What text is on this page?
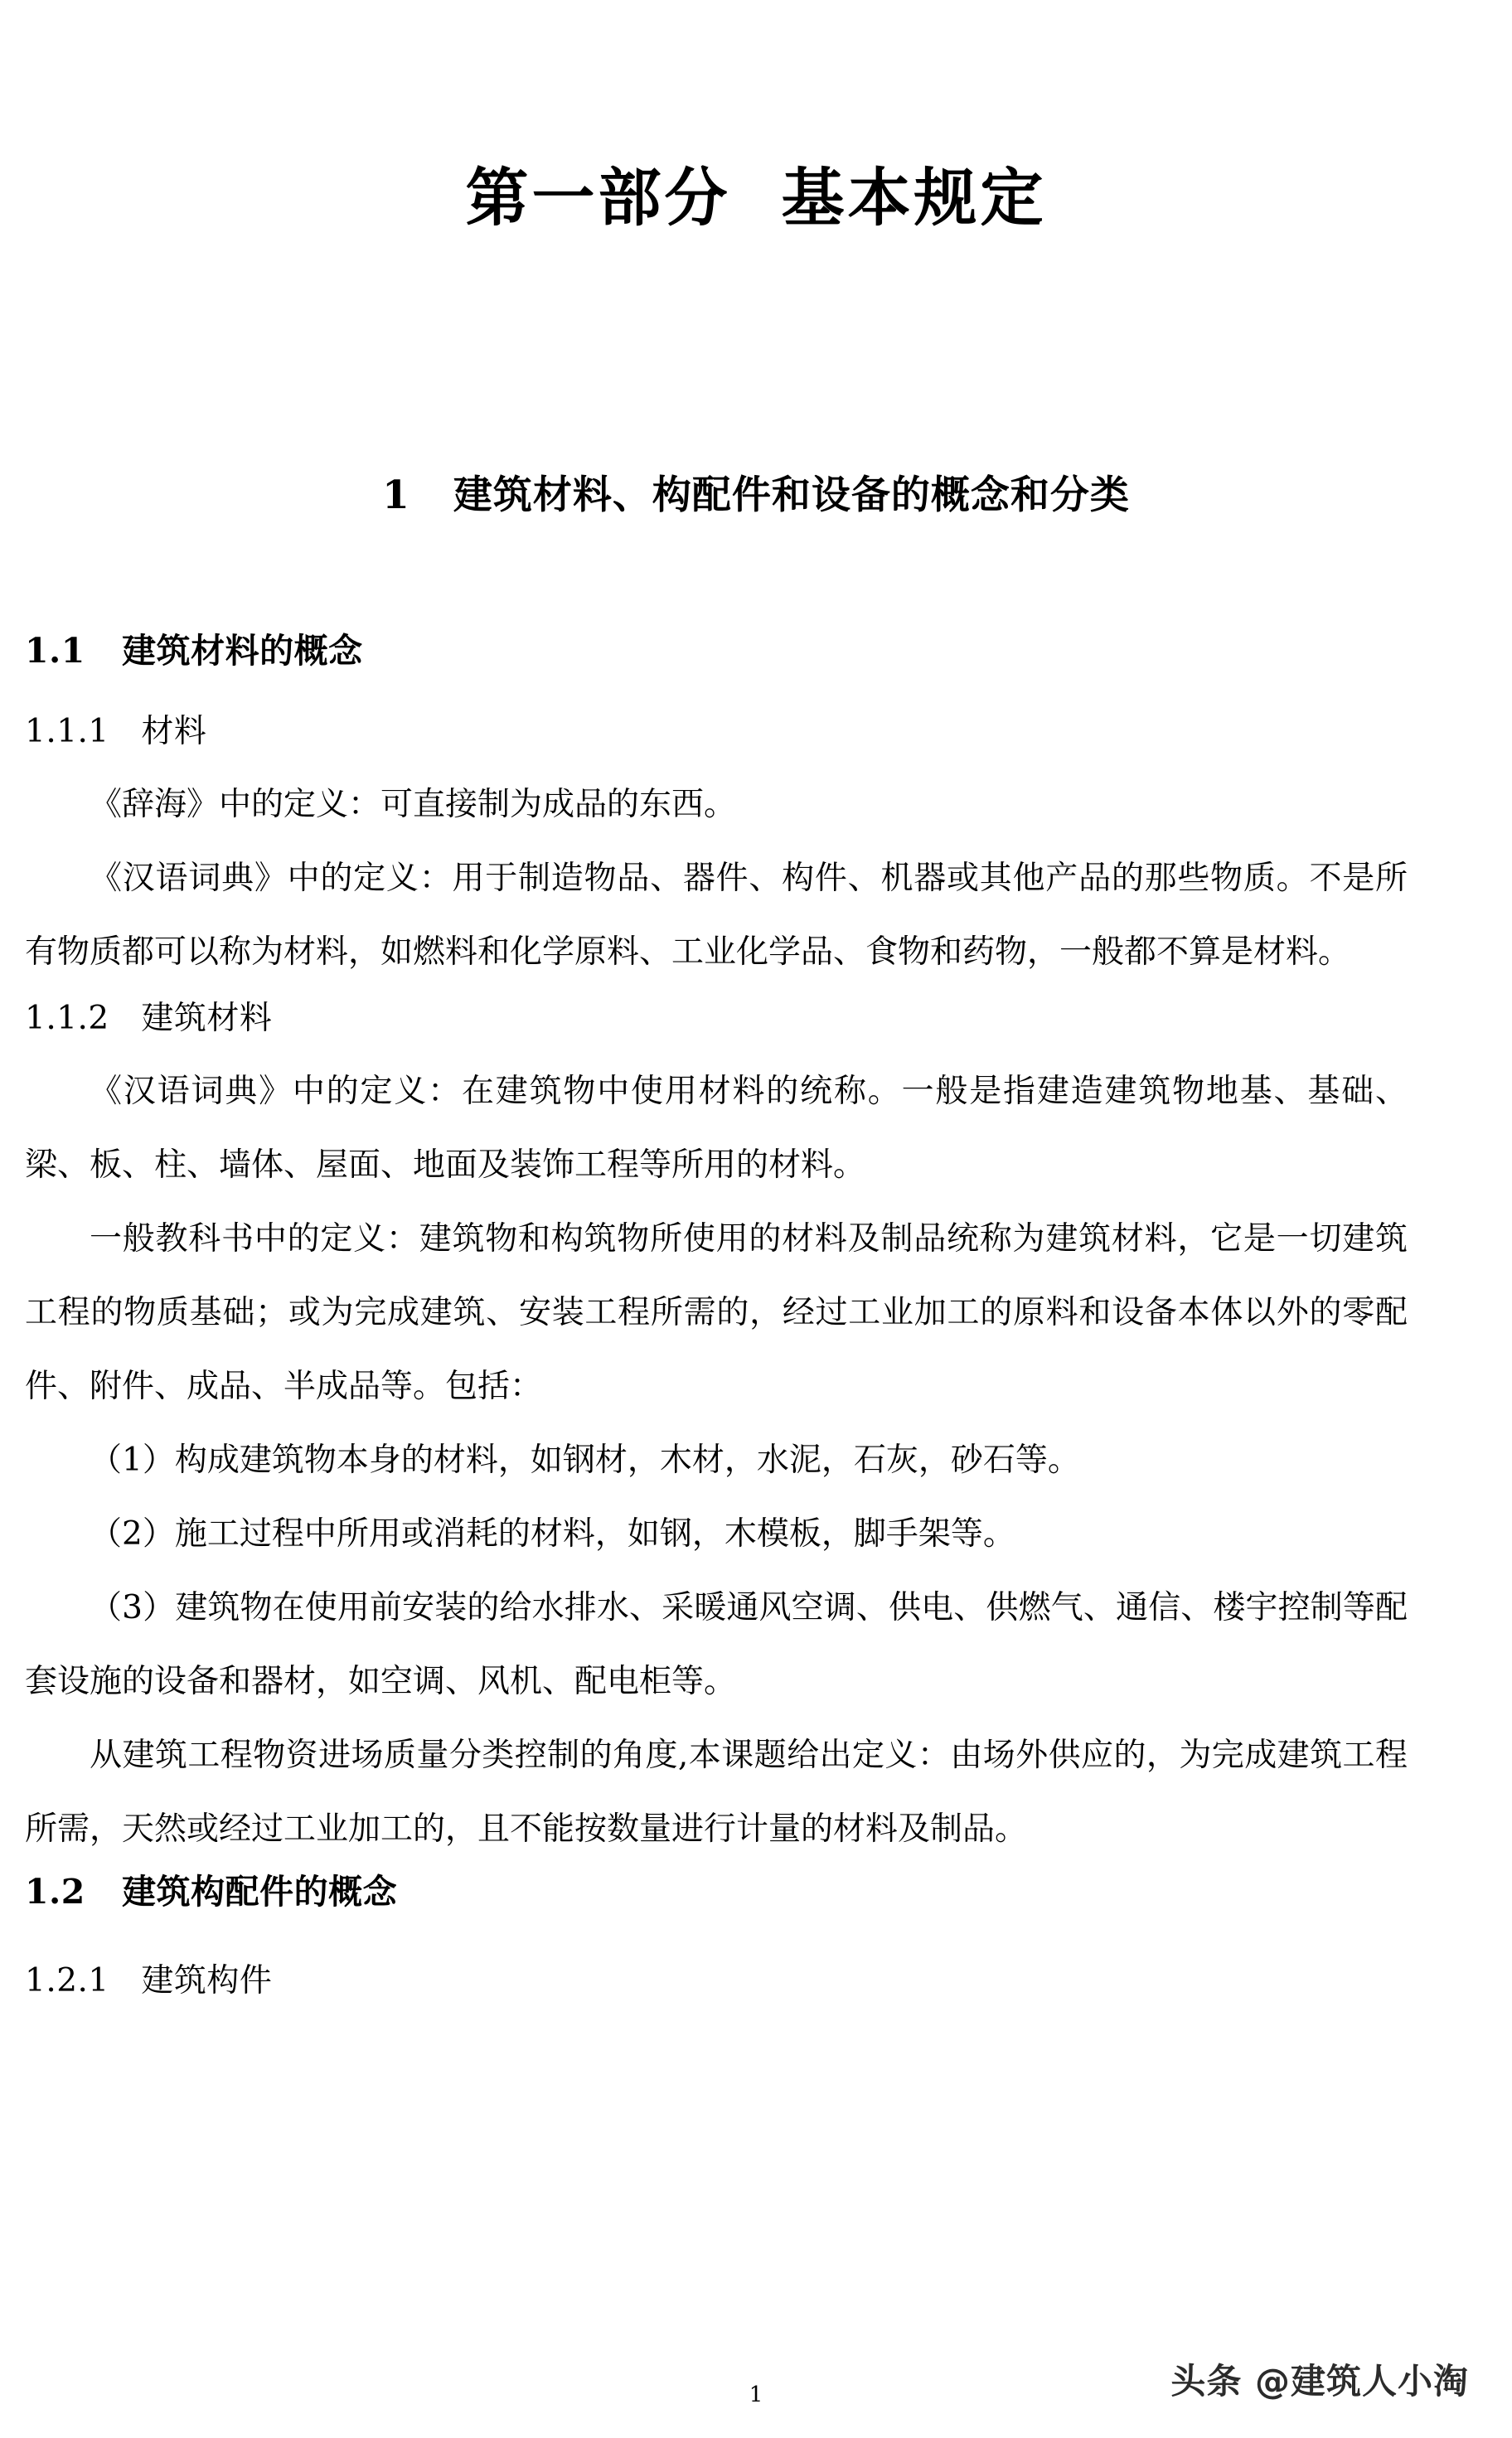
第一部分  基本规定
1   建筑材料、构配件和设备的概念和分类
1.1   建筑材料的概念
1.1.1   材料

《辞海》中的定义：可直接制为成品的东西。

《汉语词典》中的定义：用于制造物品、器件、构件、机器或其他产品的那些物质。不是所有物质都可以称为材料，如燃料和化学原料、工业化学品、食物和药物，一般都不算是材料。

1.1.2   建筑材料

《汉语词典》中的定义：在建筑物中使用材料的统称。一般是指建造建筑物地基、基础、梁、板、柱、墙体、屋面、地面及装饰工程等所用的材料。

一般教科书中的定义：建筑物和构筑物所使用的材料及制品统称为建筑材料，它是一切建筑工程的物质基础；或为完成建筑、安装工程所需的，经过工业加工的原料和设备本体以外的零配件、附件、成品、半成品等。包括：

（1）构成建筑物本身的材料，如钢材，木材，水泥，石灰，砂石等。

（2）施工过程中所用或消耗的材料，如钢，木模板，脚手架等。

（3）建筑物在使用前安装的给水排水、采暖通风空调、供电、供燃气、通信、楼宇控制等配套设施的设备和器材，如空调、风机、配电柜等。

从建筑工程物资进场质量分类控制的角度,本课题给出定义：由场外供应的，为完成建筑工程所需，天然或经过工业加工的，且不能按数量进行计量的材料及制品。

1.2   建筑构配件的概念
1.2.1   建筑构件
1	头条 @建筑人小淘
